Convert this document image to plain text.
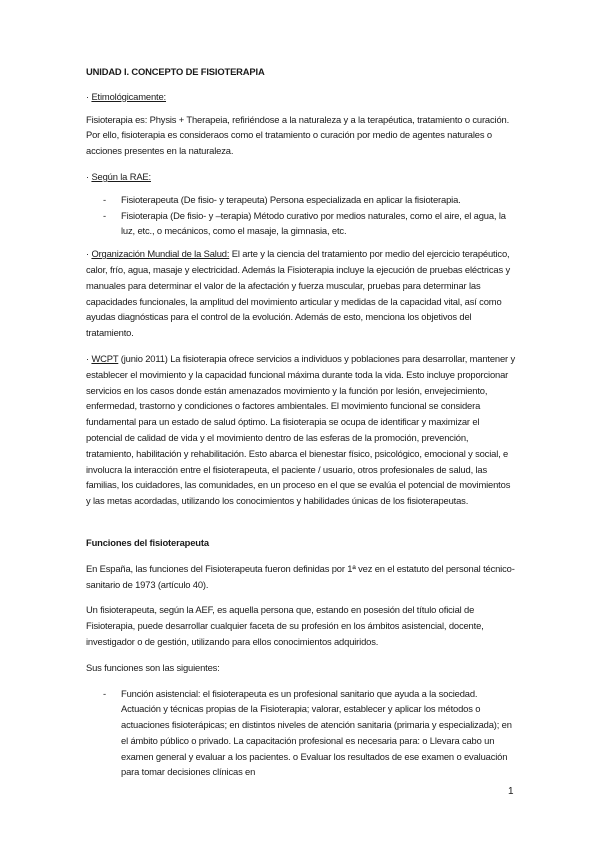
UNIDAD I. CONCEPTO DE FISIOTERAPIA

· Etimológicamente:

Fisioterapia es: Physis + Therapeia, refiriéndose a la naturaleza y a la terapéutica, tratamiento o curación. Por ello, fisioterapia es consideraos como el tratamiento o curación por medio de agentes naturales o acciones presentes en la naturaleza.

· Según la RAE:

- Fisioterapeuta (De fisio- y terapeuta) Persona especializada en aplicar la fisioterapia.
- Fisioterapia (De fisio- y –terapia) Método curativo por medios naturales, como el aire, el agua, la luz, etc., o mecánicos, como el masaje, la gimnasia, etc.

· Organización Mundial de la Salud: El arte y la ciencia del tratamiento por medio del ejercicio terapéutico, calor, frío, agua, masaje y electricidad. Además la Fisioterapia incluye la ejecución de pruebas eléctricas y manuales para determinar el valor de la afectación y fuerza muscular, pruebas para determinar las capacidades funcionales, la amplitud del movimiento articular y medidas de la capacidad vital, así como ayudas diagnósticas para el control de la evolución. Además de esto, menciona los objetivos del tratamiento.

· WCPT (junio 2011) La fisioterapia ofrece servicios a individuos y poblaciones para desarrollar, mantener y establecer el movimiento y la capacidad funcional máxima durante toda la vida. Esto incluye proporcionar servicios en los casos donde están amenazados movimiento y la función por lesión, envejecimiento, enfermedad, trastorno y condiciones o factores ambientales. El movimiento funcional se considera fundamental para un estado de salud óptimo. La fisioterapia se ocupa de identificar y maximizar el potencial de calidad de vida y el movimiento dentro de las esferas de la promoción, prevención, tratamiento, habilitación y rehabilitación. Esto abarca el bienestar físico, psicológico, emocional y social, e involucra la interacción entre el fisioterapeuta, el paciente / usuario, otros profesionales de salud, las familias, los cuidadores, las comunidades, en un proceso en el que se evalúa el potencial de movimientos y las metas acordadas, utilizando los conocimientos y habilidades únicas de los fisioterapeutas.

Funciones del fisioterapeuta

En España, las funciones del Fisioterapeuta fueron definidas por 1ª vez en el estatuto del personal técnico-sanitario de 1973 (artículo 40).

Un fisioterapeuta, según la AEF, es aquella persona que, estando en posesión del título oficial de Fisioterapia, puede desarrollar cualquier faceta de su profesión en los ámbitos asistencial, docente, investigador o de gestión, utilizando para ellos conocimientos adquiridos.

Sus funciones son las siguientes:

- Función asistencial: el fisioterapeuta es un profesional sanitario que ayuda a la sociedad. Actuación y técnicas propias de la Fisioterapia; valorar, establecer y aplicar los métodos o actuaciones fisioterápicas; en distintos niveles de atención sanitaria (primaria y especializada); en el ámbito público o privado. La capacitación profesional es necesaria para: o Llevara cabo un examen general y evaluar a los pacientes. o Evaluar los resultados de ese examen o evaluación para tomar decisiones clínicas en
1
